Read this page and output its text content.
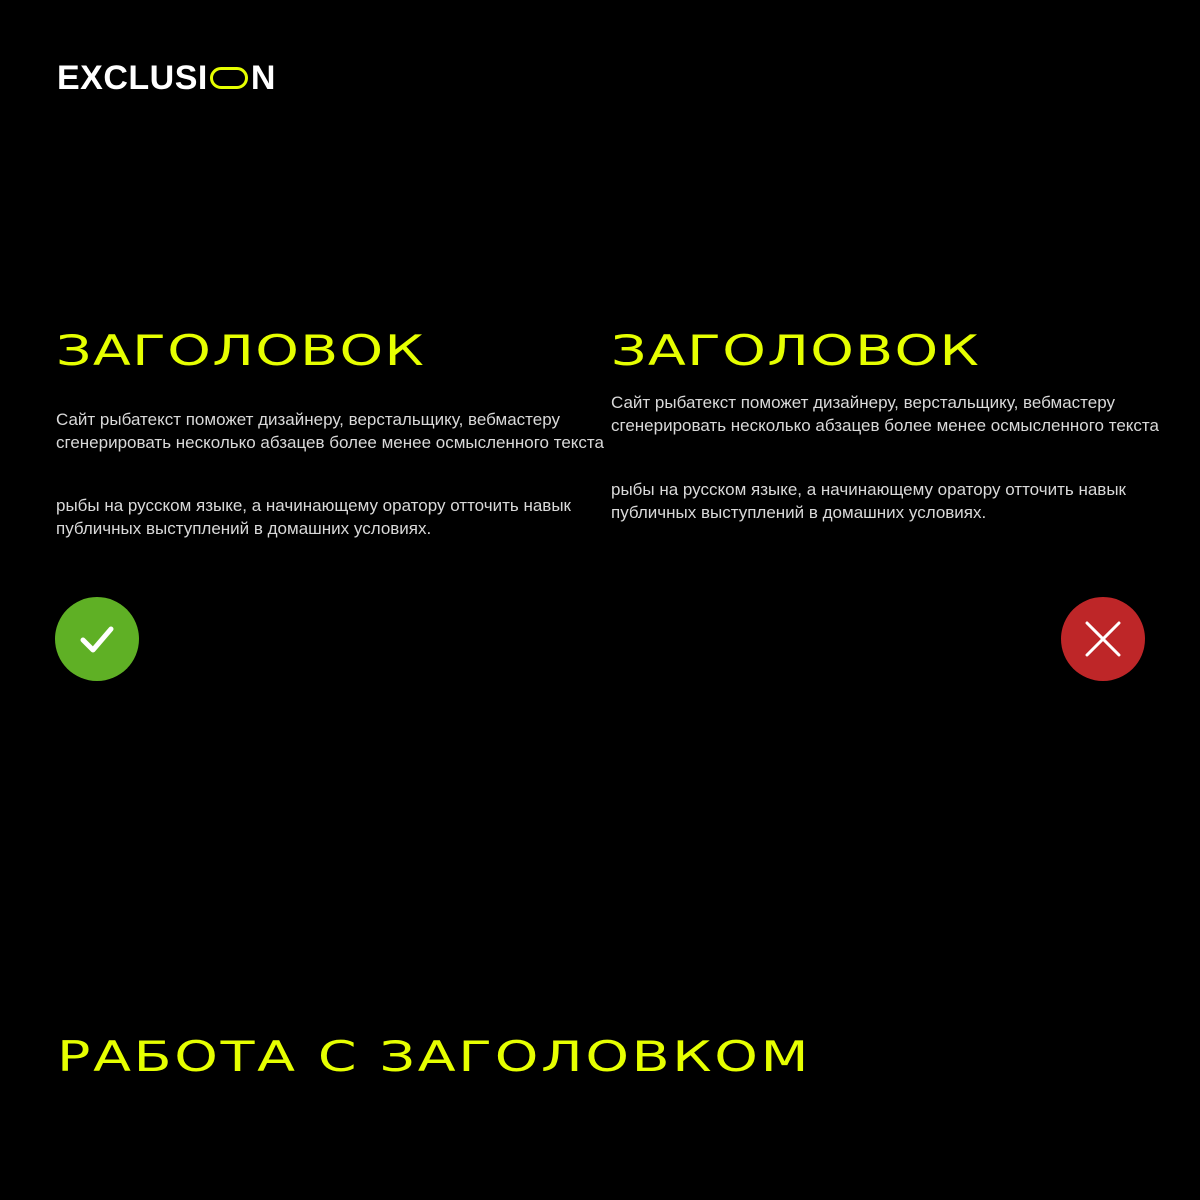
EXCLUSI N
ЗАГОЛОВОК

Сайт рыбатекст поможет дизайнеру, верстальщику, вебмастеру сгенерировать несколько абзацев более менее осмысленного текста

рыбы на русском языке, а начинающему оратору отточить навык публичных выступлений в домашних условиях.

ЗАГОЛОВОК

Сайт рыбатекст поможет дизайнеру, верстальщику, вебмастеру сгенерировать несколько абзацев более менее осмысленного текста

рыбы на русском языке, а начинающему оратору отточить навык публичных выступлений в домашних условиях.

РАБОТА С ЗАГОЛОВКОМ
